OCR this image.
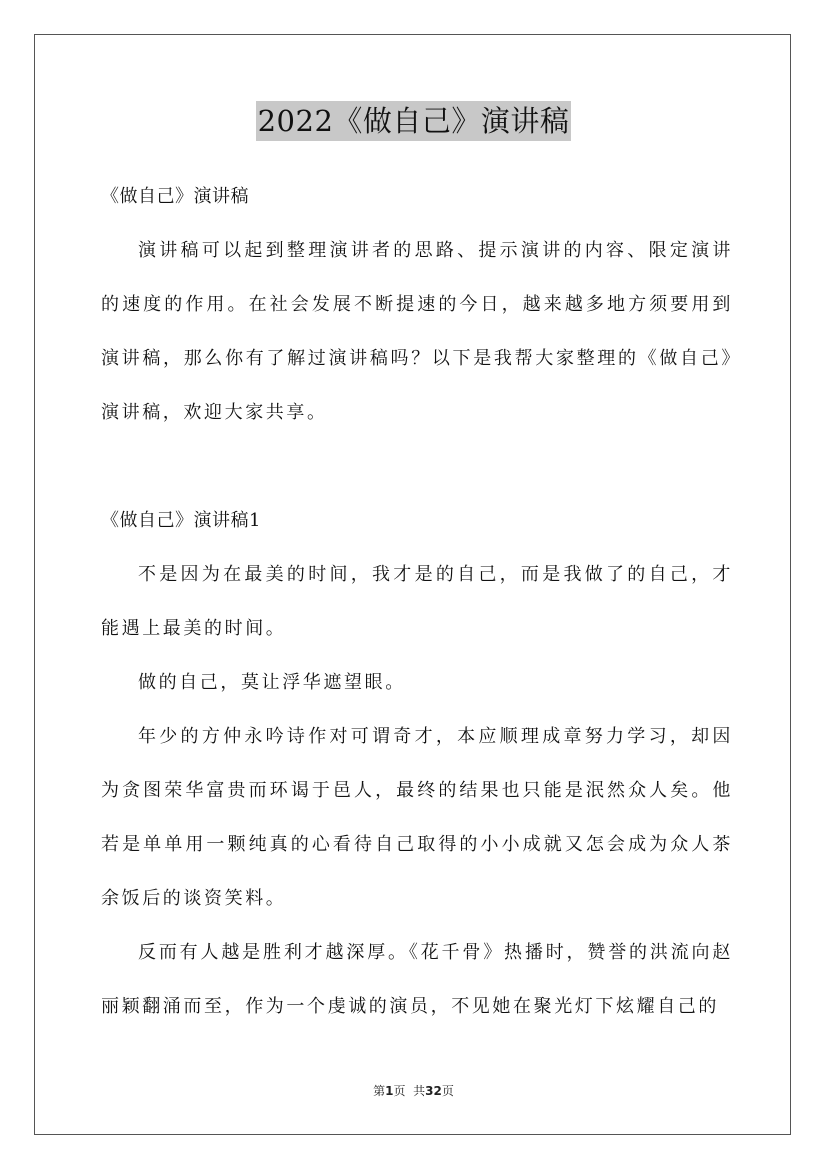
2022《做自己》演讲稿

《做自己》演讲稿

演讲稿可以起到整理演讲者的思路、提示演讲的内容、限定演讲的速度的作用。在社会发展不断提速的今日，越来越多地方须要用到演讲稿，那么你有了解过演讲稿吗？以下是我帮大家整理的《做自己》演讲稿，欢迎大家共享。

《做自己》演讲稿1

不是因为在最美的时间，我才是的自己，而是我做了的自己，才能遇上最美的时间。

做的自己，莫让浮华遮望眼。

年少的方仲永吟诗作对可谓奇才，本应顺理成章努力学习，却因为贪图荣华富贵而环谒于邑人，最终的结果也只能是泯然众人矣。他若是单单用一颗纯真的心看待自己取得的小小成就又怎会成为众人茶余饭后的谈资笑料。

反而有人越是胜利才越深厚。《花千骨》热播时，赞誉的洪流向赵丽颖翻涌而至，作为一个虔诚的演员，不见她在聚光灯下炫耀自己的

第1页 共32页
